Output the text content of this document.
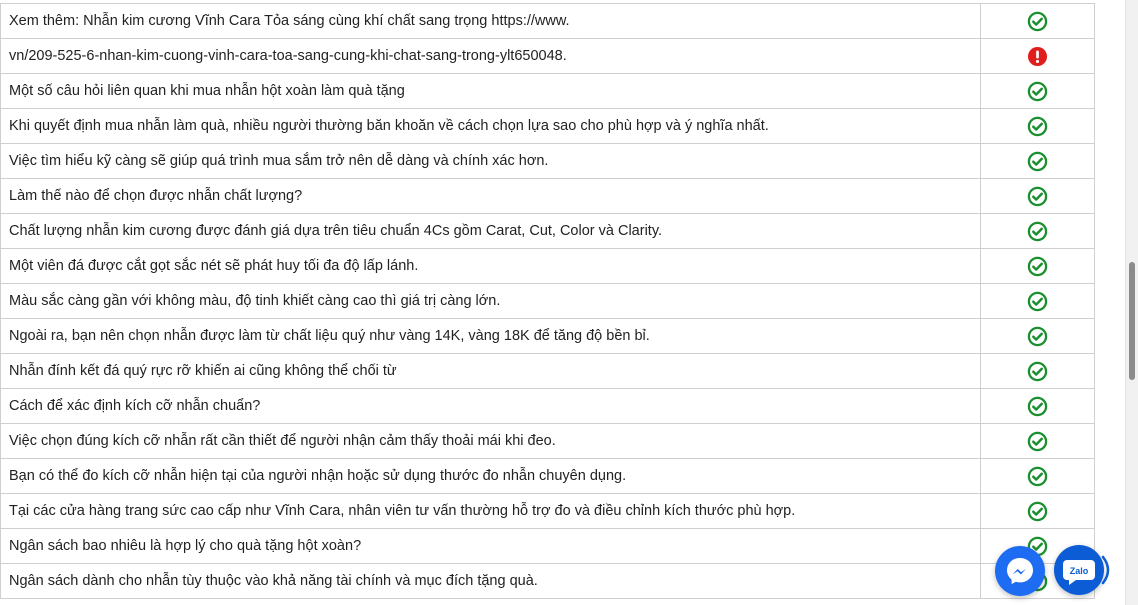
Xem thêm: Nhẫn kim cương Vĩnh Cara Tỏa sáng cùng khí chất sang trọng https://www.	
vn/209-525-6-nhan-kim-cuong-vinh-cara-toa-sang-cung-khi-chat-sang-trong-ylt650048.	
Một số câu hỏi liên quan khi mua nhẫn hột xoàn làm quà tặng	
Khi quyết định mua nhẫn làm quà, nhiều người thường băn khoăn về cách chọn lựa sao cho phù hợp và ý nghĩa nhất.	
Việc tìm hiểu kỹ càng sẽ giúp quá trình mua sắm trở nên dễ dàng và chính xác hơn.	
Làm thế nào để chọn được nhẫn chất lượng?	
Chất lượng nhẫn kim cương được đánh giá dựa trên tiêu chuẩn 4Cs gồm Carat, Cut, Color và Clarity.	
Một viên đá được cắt gọt sắc nét sẽ phát huy tối đa độ lấp lánh.	
Màu sắc càng gần với không màu, độ tinh khiết càng cao thì giá trị càng lớn.	
Ngoài ra, bạn nên chọn nhẫn được làm từ chất liệu quý như vàng 14K, vàng 18K để tăng độ bền bỉ.	
Nhẫn đính kết đá quý rực rỡ khiến ai cũng không thể chối từ	
Cách để xác định kích cỡ nhẫn chuẩn?	
Việc chọn đúng kích cỡ nhẫn rất cần thiết để người nhận cảm thấy thoải mái khi đeo.	
Bạn có thể đo kích cỡ nhẫn hiện tại của người nhận hoặc sử dụng thước đo nhẫn chuyên dụng.	
Tại các cửa hàng trang sức cao cấp như Vĩnh Cara, nhân viên tư vấn thường hỗ trợ đo và điều chỉnh kích thước phù hợp.	
Ngân sách bao nhiêu là hợp lý cho quà tặng hột xoàn?	
Ngân sách dành cho nhẫn tùy thuộc vào khả năng tài chính và mục đích tặng quà.	
Zalo
